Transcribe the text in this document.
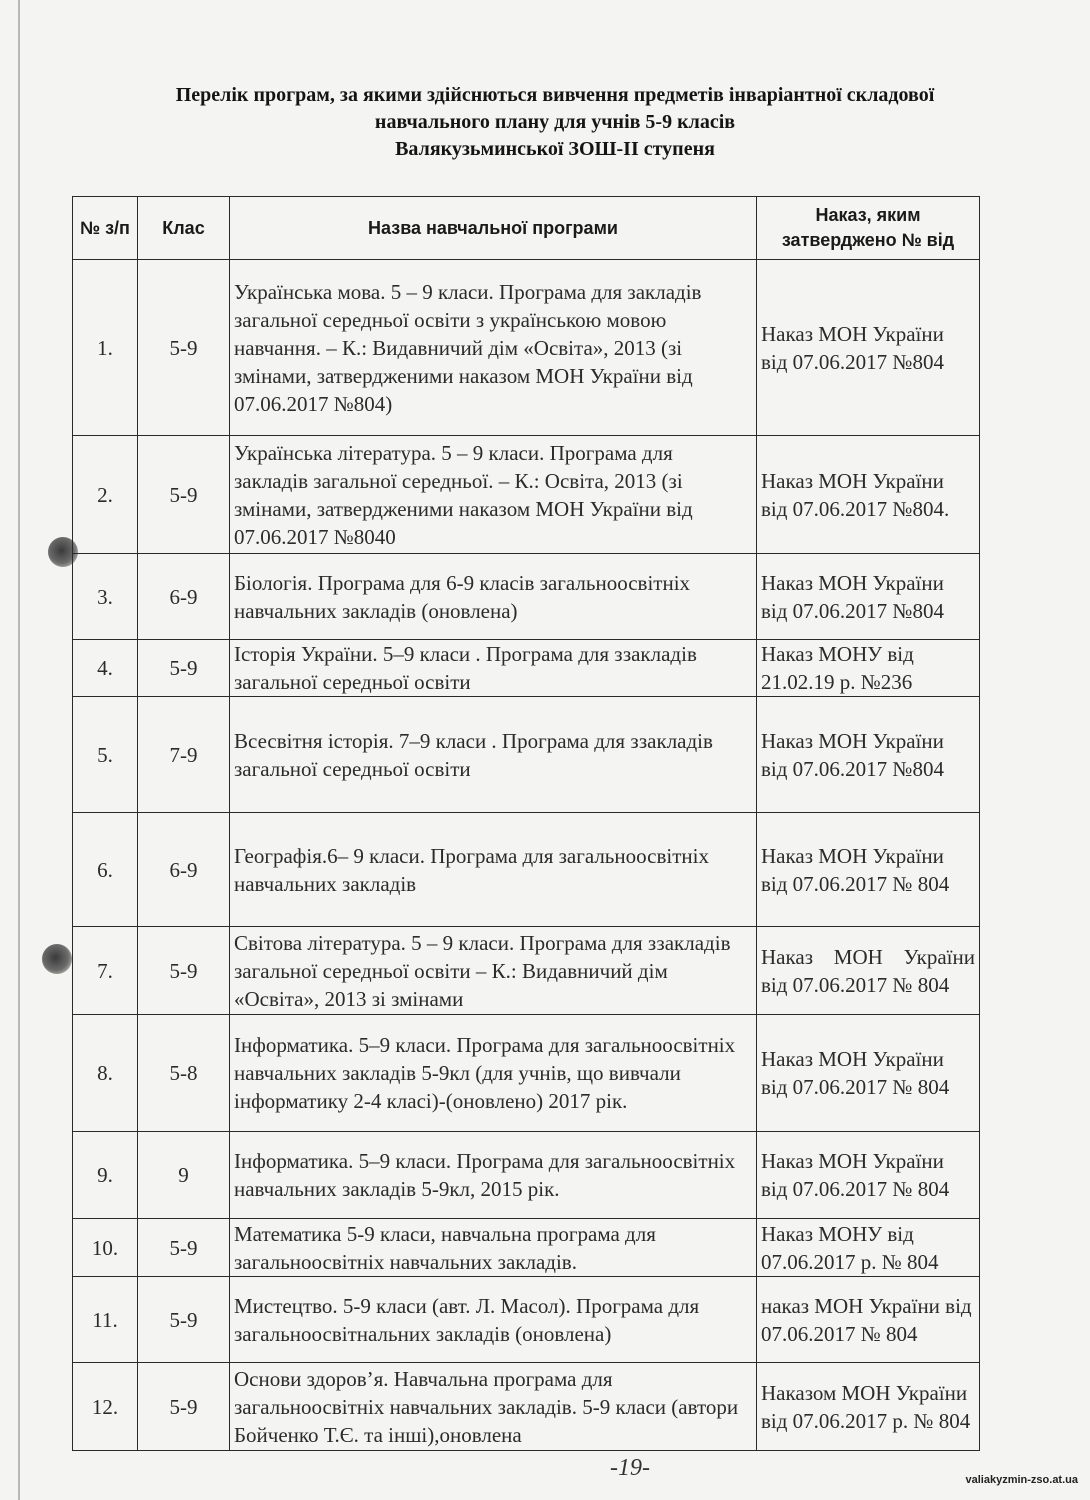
Перелік програм, за якими здійснються вивчення предметів інваріантної складової
навчального плану для учнів 5-9 класів
Валякузьминської ЗОШ-ІІ ступеня
№ з/п	Клас	Назва навчальної програми	Наказ, яким затверджено № від
1.	5-9	Українська мова. 5 – 9 класи. Програма для закладів загальної середньої освіти з українською мовою навчання. – К.: Видавничий дім «Освіта», 2013 (зі змінами, затвердженими наказом МОН України від 07.06.2017 №804)	Наказ МОН України від 07.06.2017 №804
2.	5-9	Українська література. 5 – 9 класи. Програма для закладів загальної середньої. – К.: Освіта, 2013 (зі змінами, затвердженими наказом МОН України від 07.06.2017 №8040	Наказ МОН України від 07.06.2017 №804.
3.	6-9	Біологія. Програма для 6-9 класів загальноосвітніх навчальних закладів (оновлена)	Наказ МОН України від 07.06.2017 №804
4.	5-9	Історія України. 5–9 класи . Програма для ззакладів загальної середньої освіти	Наказ МОНУ від 21.02.19 р. №236
5.	7-9	Всесвітня історія. 7–9 класи . Програма для ззакладів загальної середньої освіти	Наказ МОН України від 07.06.2017 №804
6.	6-9	Географія.6– 9 класи. Програма для загальноосвітніх навчальних закладів	Наказ МОН України від 07.06.2017 № 804
7.	5-9	Світова література. 5 – 9 класи. Програма для ззакладів загальної середньої освіти – К.: Видавничий дім «Освіта», 2013 зі змінами	Наказ МОН України від 07.06.2017 № 804
8.	5-8	Інформатика. 5–9 класи. Програма для загальноосвітніх навчальних закладів 5-9кл (для учнів, що вивчали інформатику 2-4 класі)-(оновлено) 2017 рік.	Наказ МОН України від 07.06.2017 № 804
9.	9	Інформатика. 5–9 класи. Програма для загальноосвітніх навчальних закладів 5-9кл, 2015 рік.	Наказ МОН України від 07.06.2017 № 804
10.	5-9	Математика 5-9 класи, навчальна програма для загальноосвітніх навчальних закладів.	Наказ МОНУ від 07.06.2017 р. № 804
11.	5-9	Мистецтво. 5-9 класи (авт. Л. Масол). Програма для загальноосвітнальних закладів (оновлена)	наказ МОН України від 07.06.2017 № 804
12.	5-9	Основи здоров’я. Навчальна програма для загальноосвітніх навчальних закладів. 5-9 класи (автори Бойченко Т.Є. та інші),оновлена	Наказом МОН України від 07.06.2017 р. № 804
-19-	valiakyzmin-zso.at.ua
